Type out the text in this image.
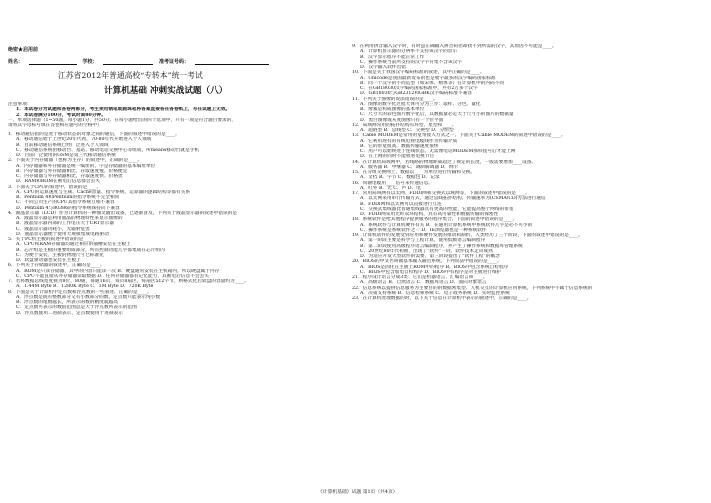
绝密★启用前
姓名：	学校：	准考证号码：
江苏省2012年普通高校“专转本”统一考试
计算机基础 冲刺实战试题（八）
注意事项：
1．本试卷分为试题和答卷两部分，考生须用钢笔或圆珠笔将答案直接答在答卷纸上，写在试题上无效。
2．本试卷满分100分，考试时间80分钟。
一、单项选择题（1~50题，每小题1分，共50分。在每小题给出的四个选项中，只有一项是符合题目要求的，
请将其字母标号填在答卷相应题号的空格中）
1．移动通信指的是处于移动状态的对象之间的通信，下面的叙述中错误的是____。
A．移动通信始于上世纪20年代初，70-80年代开始进入个人领域
B．目前移动通信系统已经广泛进入个人领域
C．移动通信系统由移动台、基站、移动电话交换中心等组成，所means移动台就是手机
D．目前广泛使用的GSM是第三代移动通信系统
2．下面关于内存储器（也称为主存）的叙述中，正确的是____。
A．内存储器和外存储器是统一编址的，字是存储器的基本编址单位
B．内存储器与外存储器相比，存取速度慢、价格便宜
C．内存储器与外存储器相比，存取速度快、价格贵
D．RAM和ROM在断电后信息都会丢失
3．下面关于CPU的叙述中，错误的是____。
A．CPU的运算速度与主频、Cache容量、指令系统、运算器的逻辑结构等都有关系
B．Pentium 4和Pentium的指令系统不完全相同
C．不同公司生产的CPU其指令系统互相不兼容
D．Pentium 4与80386的指令系统保持向下兼容
4．液晶显示器（LCD）作为计算机的一种图文输出设备，已逐渐普及，下列关于液晶显示器的叙述中错误的是
A．液晶显示器是利用液晶的物理特性来显示图像的
B．液晶显示器内部的工作电压大于CRT显示器
C．液晶显示器功耗小，无辐射危害
D．液晶显示器便于使用大规模集成电路驱动
5．关于PC机主板的叙述中错误的是____。
A．CPU和RAM存储器均通过相应的插槽安装在主板上
B．芯片组是主板的重要组成部分，所有控制功能几乎都集成在芯片组内
C．为便于安装，主板的物理尺寸已标准化
D．软盘驱动器也安装在主板上
6．下列关于存储器的叙述中，正确的是____。
A．ROM是只读存储器，其中的内容只能读一次 B．硬盘通常安装在主机箱内，所以硬盘属于内存
C．CPU不能直接从外存储器读取数据 D．任何存储器都有记忆能力，其断电后信息不会丢失
7．若将数据总线宽度视为8位，80通，每通16页，每页8扇区，每扇区512字节，则格式化后软盘的容量约为____。
A．1.44M Byte B．1280K Byte C．1M Byte D．720K Byte
8．下面是关于计算机中定点数和浮点数的一些叙述，正确的是____。
A．浮点数是既有整数部分又有小数部分的数，定点数只能表示纯小数
B．浮点数的尾数越长，所表示的数的精度就越高
C．定点数可表示的数值范围总是大于浮点数所表示的范围
D．浮点数使用二进制表示，定点数使用十进制表示
9．在利用拼音输入汉字时，有时虽正确输入拼音码但却找不到所需的汉字，其原因不可能是____。
A．计算机显示器的分辨率不支持该汉字的显示
B．汉字显示程序不能正常工作
C．操作系统当前所支持的汉字字符集不含该汉字
D．汉字输入软件出错
10．下面是关于我国汉字编码标准的叙述，其中正确的是____。
A．Unicode是我国最新发布的也是收字最多的汉字编码国家标准
B．同一个汉字的不同造型（如宋体、楷体等）在计算机中的内码不同
C．在GB18030汉字编码国家标准中，共有2万多个汉字
D．GB18030与GB2312和GBK汉字编码标准不兼容
11．下列关于图像的说法错误的是____。
A．图像的数字化过程大体可分为三步：取样、分色、量化
B．像素是构成图像的基本单位
C．尺寸大的彩色图片数字化后，其数据量必定大于尺寸小的图片的数据量
D．黑白图像或灰度图像只有一个位平面
12．局域网常用的拓扑结构有环型、星型和____。
A．超链型 B．总线型 C．交换型 D．分组型
13．Cable MODEM是常用的宽带接入方式之一，下面关于Cable MODEM的叙述中错误的是____。
A．它利用现有的有线电视电缆线作为传输介质
B．它的带宽很高，数据传输速度很快
C．用户可以始终处于连线状态，无需像电话MODEM那样拨号后才能上网
D．在上网的同时不能收看电视节目
14．在计算机局域网中，若线路的物理距离超过了规定的长度，一般需要增加____设备。
A．服务器 B．中继器 C．调制解调器 D．网卡
15．在分组交换网上，数据以____为单位进行传输和交换。
A．文档 B．字节 C．数据包 D．记录
16．同轴电缆用____信号来传递信息。
A．红外 B．光 C．声 D．电
17．常用局域网有以太网、FDDI网和交换式以域网等，下面的叙述中错误的是____。
A．以太网采用串行传输方式，通过总线拓扑结构，传输速率为(CSMA/CD)方法进行通信
B．FDDI网和以太网可以直接进行互连
C．交换式集线器比普通集线器具有更高的性能，它能提高整个网络的带宽
D．FDDI网采用光纤双环结构，具有高可靠性和数据传输的保密性
18．系统软件是给其他程序提供服务的程序集合，下面的叙述中错误的是____。
A．系统软件与计算机硬件有关 B．在通用计算机系统中系统软件几乎是必不可少的
C．操作系统是系统软件之一 D．IE浏览器也是一种系统软件
19．计算机软件的发展受到应用和硬件发展的推动和制约，人类经历了三个阶段，下面的叙述中错误的是____。
A．第一阶段主要是科学与工程计算，使用低级语言编制程序
B．第二阶段使用高级程序语言编制程序，并产生了操作系统和数据库管理系统
C．20世纪80年代初期，出现了“软件”一词，软件技术走向成熟
D．为适应开发大型软件的需要，第三阶段提出了“软件工程”的概念
20．BIOS的中文名叫做基本输入输出系统，下列说法中错误的是____。
A．BIOS是固化在主板上ROM中的程序 B．BIOS中包含系统自检程序
C．BIOS中包含加电自检程序 D．BIOS中有程序是对主板进行维护
21．程序设计语言分成3类：它们是机器语言、汇编语言和____。
A．高级语言 B．自然语言 C．数据库语言 D．面向对象语言
22．信息系统以提供信息服务为主要目的的数据密集型、人机交互的计算机应用系统，下列系统中不属于信息系统的
A．决策支持系统 B．信息检索系统 C．电子政务系统 D．实时监控系统
23．在计算机处理数据的时，以下关于信息在计算机中表示的描述中，正确的是____。
《计算机基础》试题 第1页（共4页）
